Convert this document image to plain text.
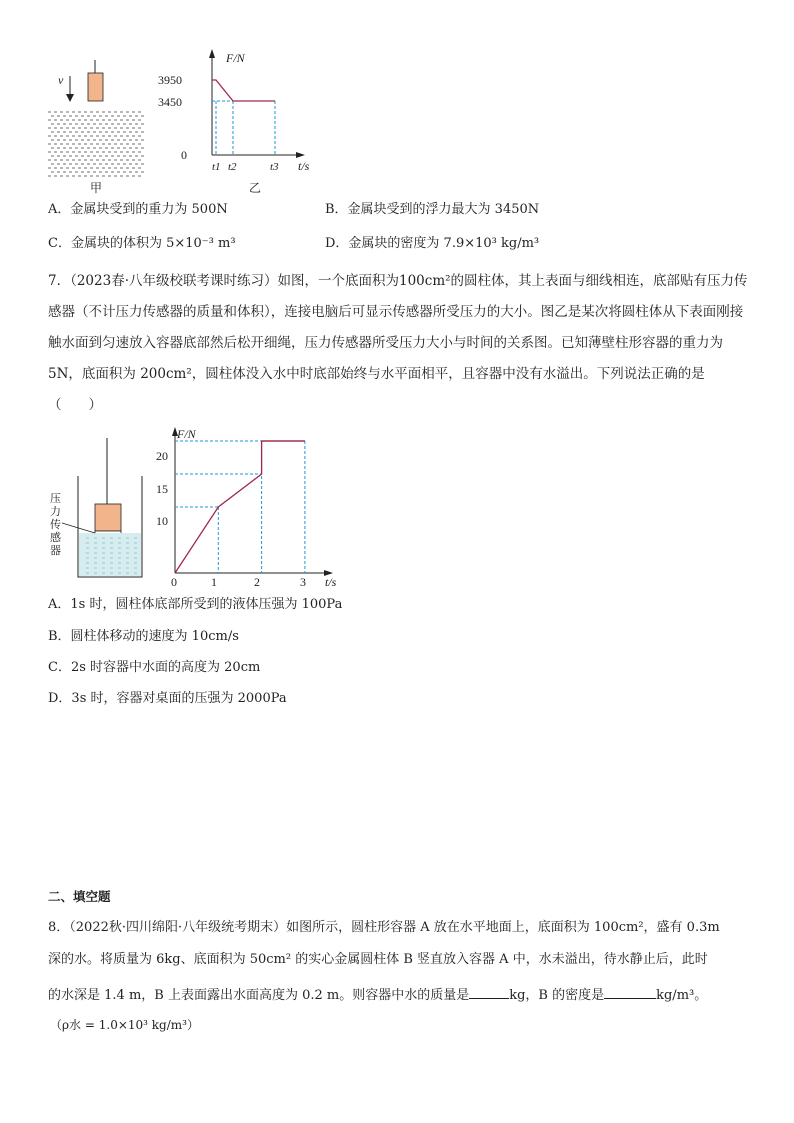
v
甲
F/N
t/s
3950
3450
0
t1 t2	t3
乙
A．金属块受到的重力为 500N	B．金属块受到的浮力最大为 3450N
C．金属块的体积为 5×10⁻³ m³	D．金属块的密度为 7.9×10³ kg/m³
7．（2023春·八年级校联考课时练习）如图，一个底面积为100cm²的圆柱体，其上表面与细线相连，底部贴有压力传感器（不计压力传感器的质量和体积），连接电脑后可显示传感器所受压力的大小。图乙是某次将圆柱体从下表面刚接触水面到匀速放入容器底部然后松开细绳，压力传感器所受压力大小与时间的关系图。已知薄壁柱形容器的重力为 5N，底面积为 200cm²，圆柱体没入水中时底部始终与水平面相平，且容器中没有水溢出。下列说法正确的是（　　）
压
力
传
感
器
F/N
t/s
20
15
10
0	1	2	3
A．1s 时，圆柱体底部所受到的液体压强为 100Pa
B．圆柱体移动的速度为 10cm/s
C．2s 时容器中水面的高度为 20cm
D．3s 时，容器对桌面的压强为 2000Pa
二、填空题
8．（2022秋·四川绵阳·八年级统考期末）如图所示，圆柱形容器 A 放在水平地面上，底面积为 100cm²，盛有 0.3m
深的水。将质量为 6kg、底面积为 50cm² 的实心金属圆柱体 B 竖直放入容器 A 中，水未溢出，待水静止后，此时
的水深是 1.4 m，B 上表面露出水面高度为 0.2 m。则容器中水的质量是	kg，B 的密度是	kg/m³。
（ρ水 = 1.0×10³ kg/m³）
